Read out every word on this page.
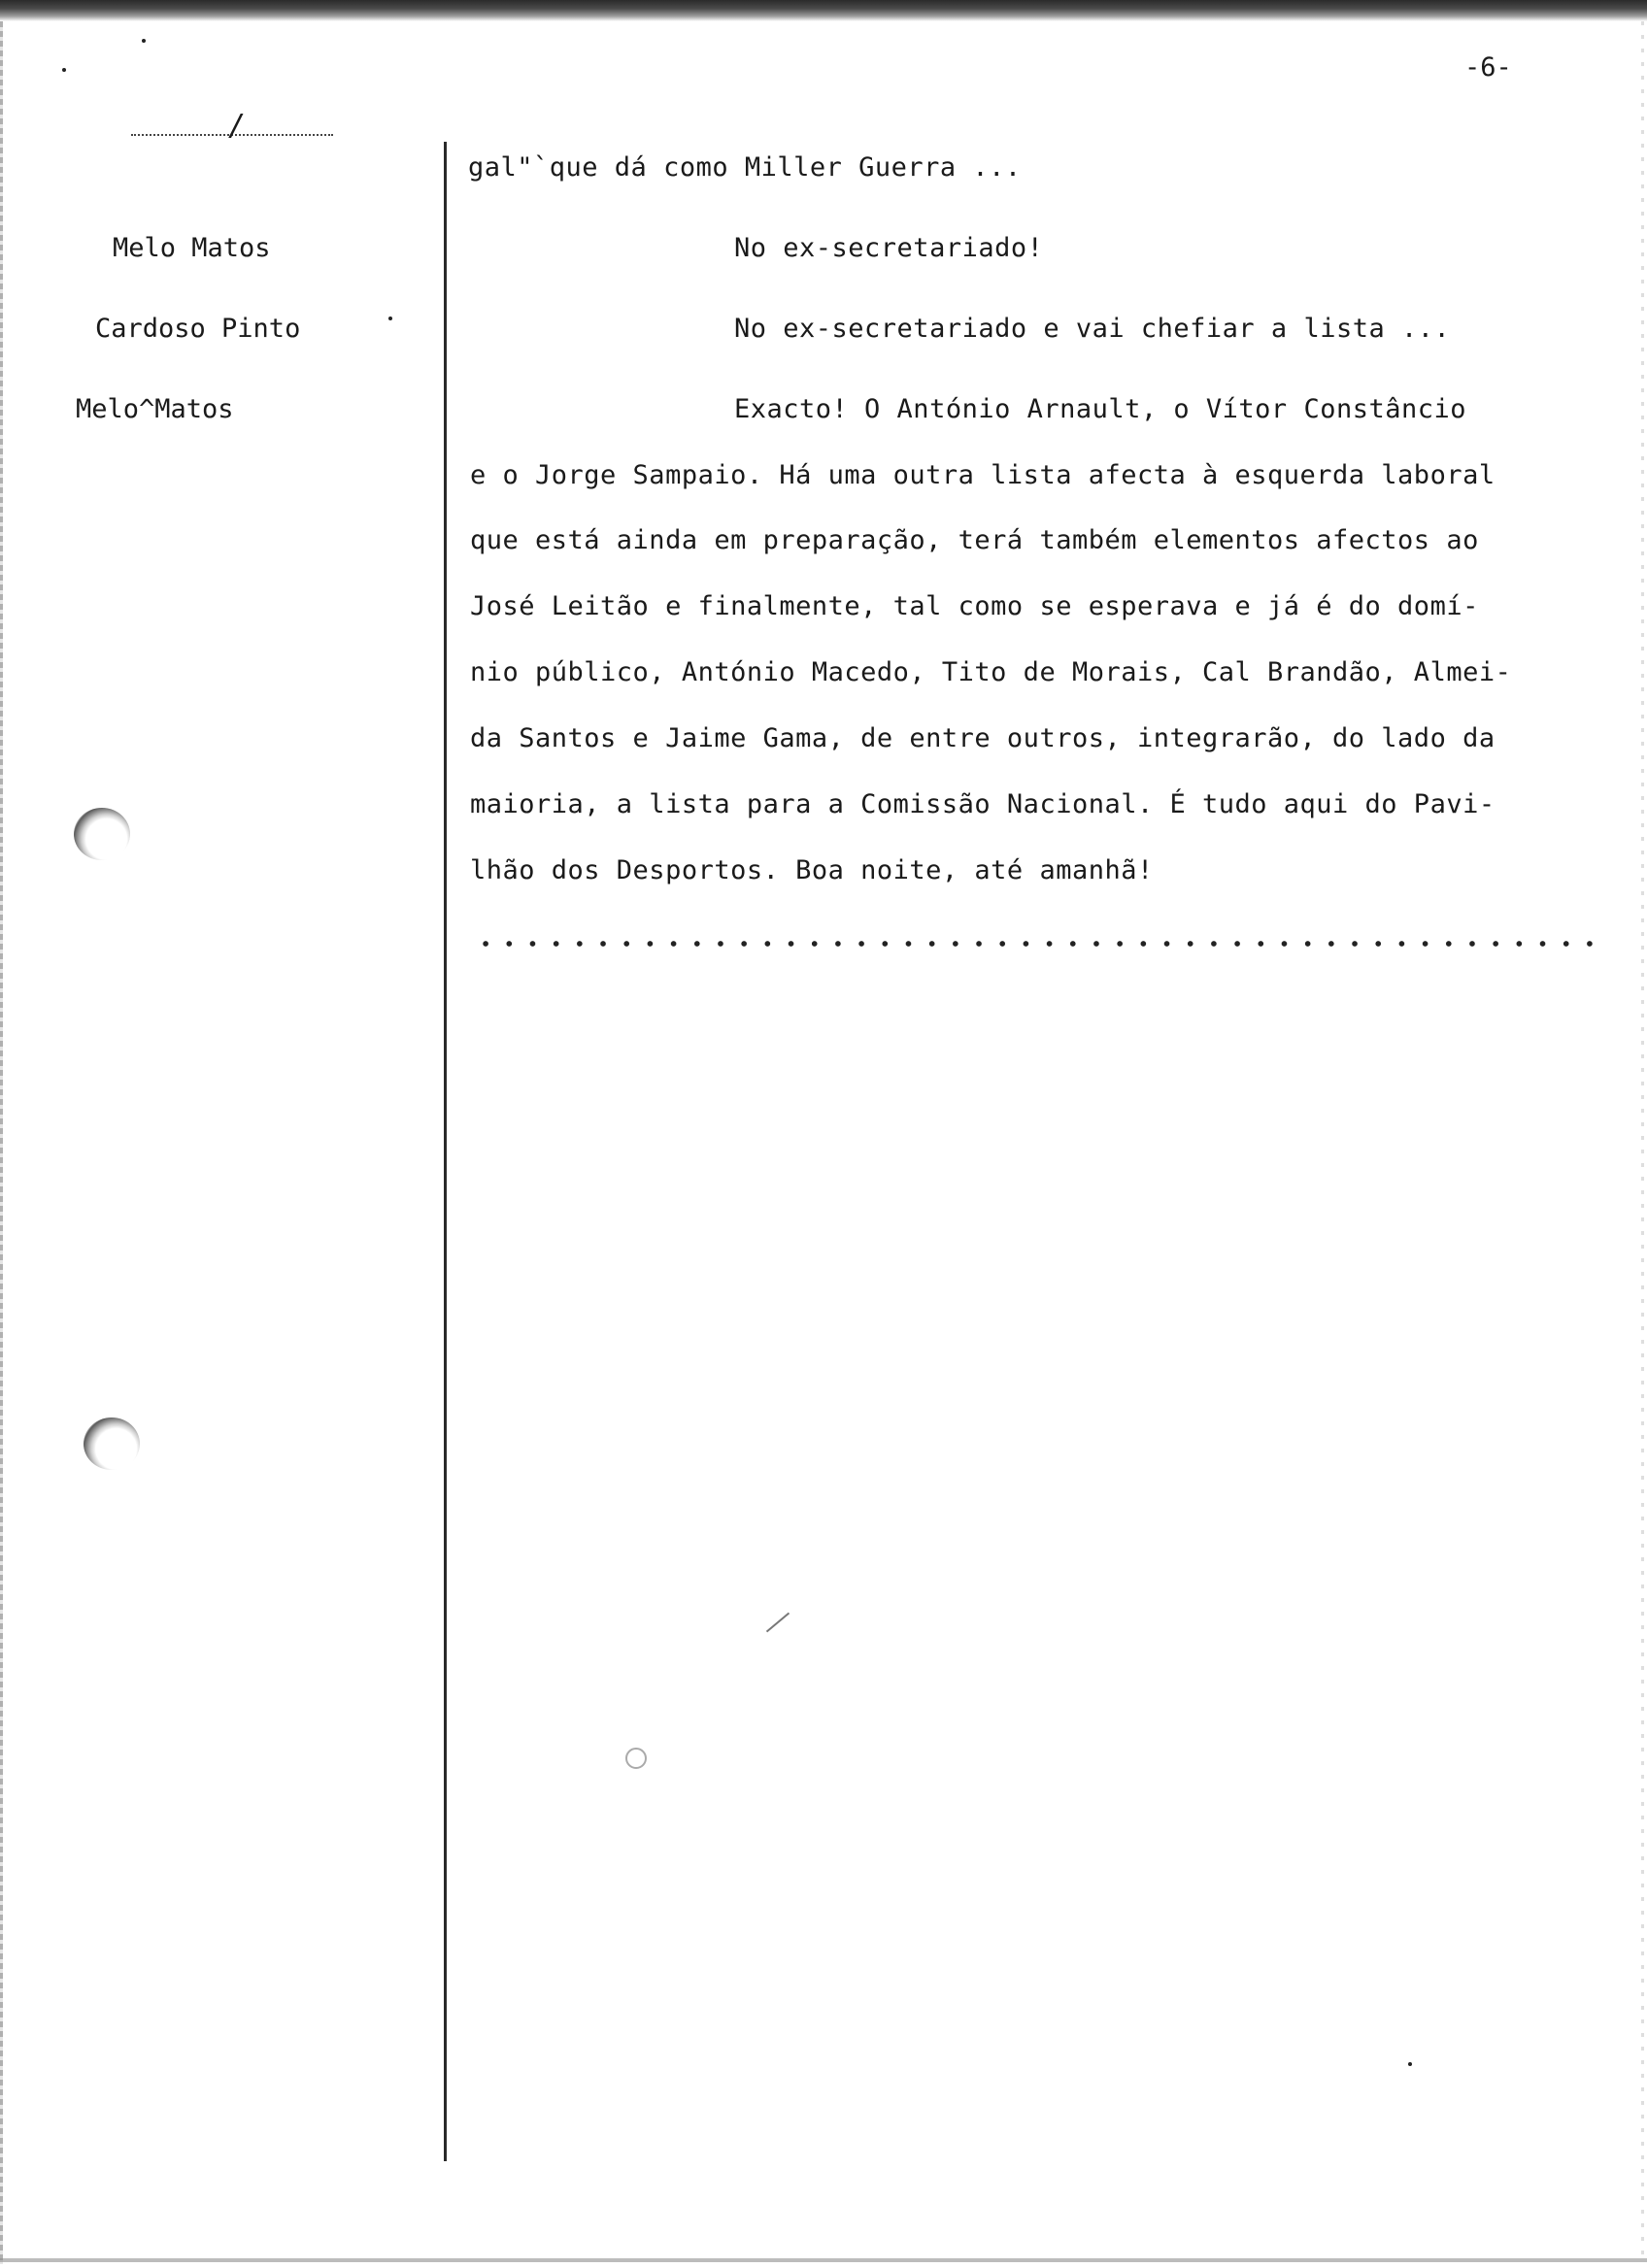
-6-
/
Melo Matos
Cardoso Pinto
Melo^Matos
gal"`que dá como Miller Guerra ...
No ex-secretariado!
No ex-secretariado e vai chefiar a lista ...
Exacto! O António Arnault, o Vítor Constâncio
e o Jorge Sampaio. Há uma outra lista afecta à esquerda laboral
que está ainda em preparação, terá também elementos afectos ao
José Leitão e finalmente, tal como se esperava e já é do domí-
nio público, António Macedo, Tito de Morais, Cal Brandão, Almei-
da Santos e Jaime Gama, de entre outros, integrarão, do lado da
maioria, a lista para a Comissão Nacional. É tudo aqui do Pavi-
lhão dos Desportos. Boa noite, até amanhã!
